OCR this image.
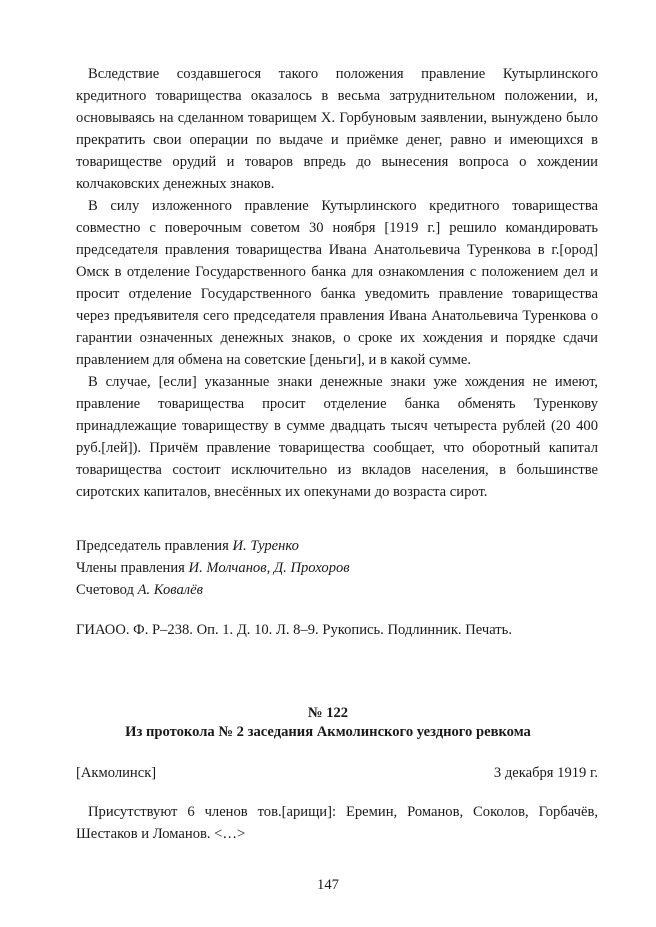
Вследствие создавшегося такого положения правление Кутырлинского кредитного товарищества оказалось в весьма затруднительном положении, и, основываясь на сделанном товарищем Х. Горбуновым заявлении, вынуждено было прекратить свои операции по выдаче и приёмке денег, равно и имеющихся в товариществе орудий и товаров впредь до вынесения вопроса о хождении колчаковских денежных знаков.

В силу изложенного правление Кутырлинского кредитного товарищества совместно с поверочным советом 30 ноября [1919 г.] решило командировать председателя правления товарищества Ивана Анатольевича Туренкова в г.[ород] Омск в отделение Государственного банка для ознакомления с положением дел и просит отделение Государственного банка уведомить правление товарищества через предъявителя сего председателя правления Ивана Анатольевича Туренкова о гарантии означенных денежных знаков, о сроке их хождения и порядке сдачи правлением для обмена на советские [деньги], и в какой сумме.

В случае, [если] указанные знаки денежные знаки уже хождения не имеют, правление товарищества просит отделение банка обменять Туренкову принадлежащие товариществу в сумме двадцать тысяч четыреста рублей (20 400 руб.[лей]). Причём правление товарищества сообщает, что оборотный капитал товарищества состоит исключительно из вкладов населения, в большинстве сиротских капиталов, внесённых их опекунами до возраста сирот.

Председатель правления И. Туренко
Члены правления И. Молчанов, Д. Прохоров
Счетовод А. Ковалёв
ГИАОО. Ф. Р–238. Оп. 1. Д. 10. Л. 8–9. Рукопись. Подлинник. Печать.
№ 122
Из протокола № 2 заседания Акмолинского уездного ревкома
[Акмолинск]	3 декабря 1919 г.

Присутствуют 6 членов тов.[арищи]: Еремин, Романов, Соколов, Горбачёв, Шестаков и Ломанов. <…>

147
